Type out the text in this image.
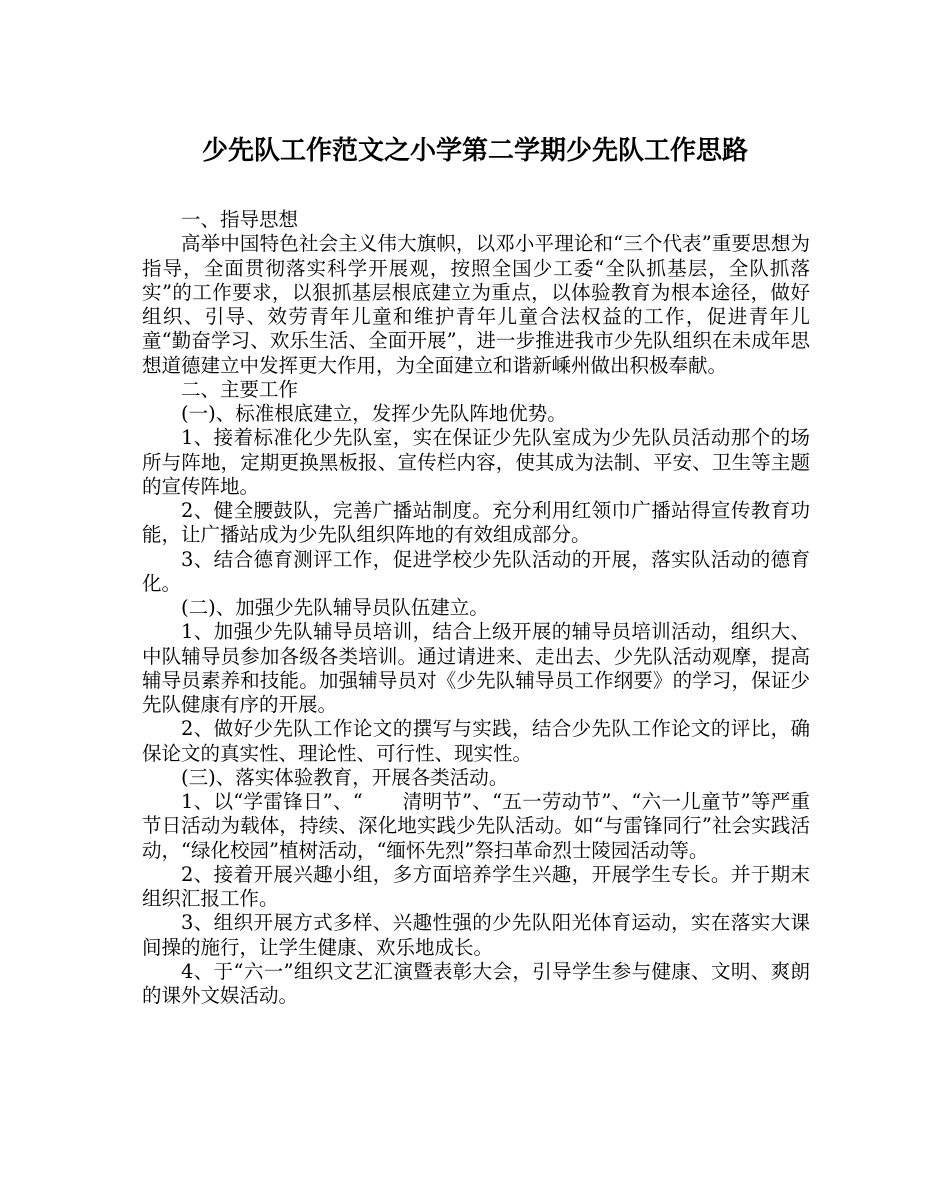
少先队工作范文之小学第二学期少先队工作思路

一、指导思想

高举中国特色社会主义伟大旗帜，以邓小平理论和“三个代表”重要思想为指导，全面贯彻落实科学开展观，按照全国少工委“全队抓基层，全队抓落实”的工作要求，以狠抓基层根底建立为重点，以体验教育为根本途径，做好组织、引导、效劳青年儿童和维护青年儿童合法权益的工作，促进青年儿童“勤奋学习、欢乐生活、全面开展”，进一步推进我市少先队组织在未成年思想道德建立中发挥更大作用，为全面建立和谐新嵊州做出积极奉献。

二、主要工作

(一)、标准根底建立，发挥少先队阵地优势。

1、接着标准化少先队室，实在保证少先队室成为少先队员活动那个的场所与阵地，定期更换黑板报、宣传栏内容，使其成为法制、平安、卫生等主题的宣传阵地。

2、健全腰鼓队，完善广播站制度。充分利用红领巾广播站得宣传教育功能，让广播站成为少先队组织阵地的有效组成部分。

3、结合德育测评工作，促进学校少先队活动的开展，落实队活动的德育化。

(二)、加强少先队辅导员队伍建立。

1、加强少先队辅导员培训，结合上级开展的辅导员培训活动，组织大、中队辅导员参加各级各类培训。通过请进来、走出去、少先队活动观摩，提高辅导员素养和技能。加强辅导员对《少先队辅导员工作纲要》的学习，保证少先队健康有序的开展。

2、做好少先队工作论文的撰写与实践，结合少先队工作论文的评比，确保论文的真实性、理论性、可行性、现实性。

(三)、落实体验教育，开展各类活动。

1、以“学雷锋日”、“　　清明节”、“五一劳动节”、“六一儿童节”等严重节日活动为载体，持续、深化地实践少先队活动。如“与雷锋同行”社会实践活动，“绿化校园”植树活动，“缅怀先烈”祭扫革命烈士陵园活动等。

2、接着开展兴趣小组，多方面培养学生兴趣，开展学生专长。并于期末组织汇报工作。

3、组织开展方式多样、兴趣性强的少先队阳光体育运动，实在落实大课间操的施行，让学生健康、欢乐地成长。

4、于“六一”组织文艺汇演暨表彰大会，引导学生参与健康、文明、爽朗的课外文娱活动。
